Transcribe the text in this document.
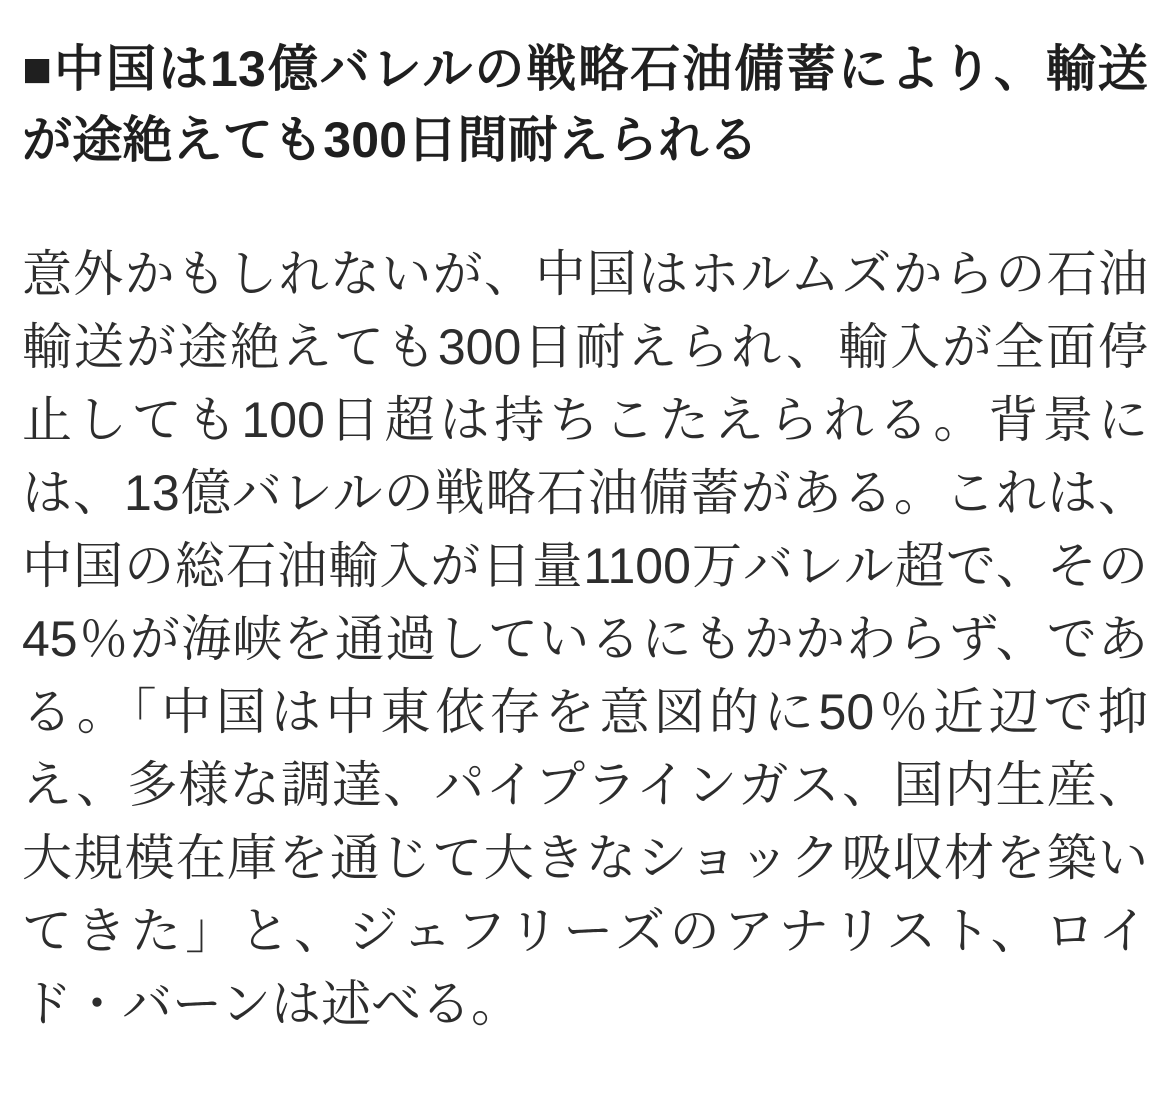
■中国は13億バレルの戦略石油備蓄により、輸送が途絶えても300日間耐えられる

意外かもしれないが、中国はホルムズからの石油輸送が途絶えても300日耐えられ、輸入が全面停止しても100日超は持ちこたえられる。背景には、13億バレルの戦略石油備蓄がある。これは、中国の総石油輸入が日量1100万バレル超で、その45％が海峡を通過しているにもかかわらず、である。「中国は中東依存を意図的に50％近辺で抑え、多様な調達、パイプラインガス、国内生産、大規模在庫を通じて大きなショック吸収材を築いてきた」と、ジェフリーズのアナリスト、ロイド・バーンは述べる。
